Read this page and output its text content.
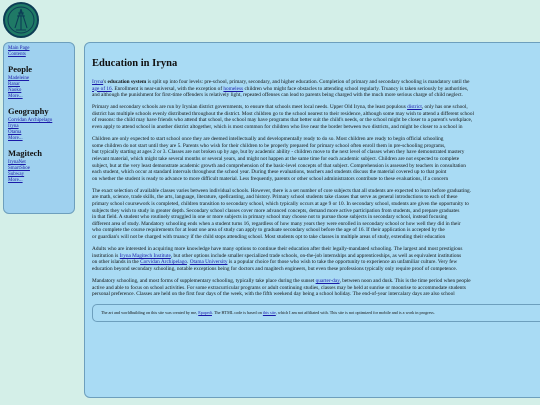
Main Page
Contents
People
Madeleine
Ranar
Naoko
More...
Geography
Corvidan Archipelago
Iryna
Otama
More...
Magitech
IrynaNet
SmartShoe
Subway
More...
Education in Iryna

Iryna's education system is split up into four levels: pre-school, primary, secondary, and higher education. Completion of primary and secondary schooling is mandatory until the
age of 16. Enrollment is near-universal, with the exception of homeless children who might face obstacles to attending school regularly. Truancy is taken seriously by authorities,
and although the punishment for first-time offenders is relatively light, repeated offenses can lead to parents being charged with the much more serious charge of child neglect.

Primary and secondary schools are run by Irynian district governments, to ensure that schools meet local needs. Upper Old Iryna, the least populous district, only has one school,
district has multiple schools evenly distributed throughout the district. Most children go to the school nearest to their residence, although some may wish to attend a different school
of reasons: the child may have friends who attend that school, the school may have programs that better suit the child's needs, or the school might be closer to a parent's workplace,
even apply to attend school in another district altogether, which is most common for children who live near the border between two districts, and might be closer to a school in

Children are only expected to start school once they are deemed intellectually and developmentally ready to do so. Most children are ready to begin official schooling
some children do not start until they are 5. Parents who wish for their children to be properly prepared for primary school often enroll them in pre-schooling programs,
but typically starting at ages 2 or 3. Classes are not broken up by age, but by academic ability - children move to the next level of classes when they have demonstrated mastery
relevant material, which might take several months or several years, and might not happen at the same time for each academic subject. Children are not expected to complete
subject, but at the very least demonstrate academic growth and comprehension of the basic-level concepts of that subject. Comprehension is assessed by teachers in consultation
each student, which occur at standard intervals throughout the school year. During these evaluations, teachers and students discuss the material covered up to that point
on whether the student is ready to advance to more difficult material. Less frequently, parents or other school administrators contribute to these evaluations, if a concern

The exact selection of available classes varies between individual schools. However, there is a set number of core subjects that all students are expected to learn before graduating.
are math, science, trade skills, the arts, language, literature, spellcasting, and history. Primary school students take classes that serve as general introductions to each of these
primary school coursework is completed, children transition to secondary school, which typically occurs at age 9 or 10. In secondary school, students are given the opportunity to
subjects they wish to study in greater depth. Secondary school classes cover more advanced concepts, demand more active participation from students, and prepare graduates
in that field. A student who routinely struggled in one or more subjects in primary school may choose not to pursue those subjects in secondary school, instead focusing
different area of study. Mandatory schooling ends when a student turns 16, regardless of how many years they were enrolled in secondary school or how well they did in their
who complete the course requirements for at least one area of study can apply to graduate secondary school before the age of 16. If their application is accepted by the
or guardian's will not be charged with truancy if the child stops attending school. Most students opt to take classes in multiple areas of study, extending their education

Adults who are interested in acquiring more knowledge have many options to continue their education after their legally-mandated schooling. The largest and most prestigious
institution is Iryna Magitech Institute, but other options include smaller specialized trade schools, on-the-job internships and apprenticeships, as well as equivalent institutions
on other islands in the Corvidan Archipelago. Otama University is a popular choice for those who wish to take the opportunity to experience an unfamiliar culture. Very few
education beyond secondary schooling, notable exceptions being for doctors and magitech engineers, but even these professions typically only require proof of competence.

Mandatory schooling, and most forms of supplementary schooling, typically take place during the sunset quarter-day, between noon and dusk. This is the time period when people
active and able to focus on school activities. For some extracurricular programs or adult continuing studies, classes may be held at sunrise or moonrise to accommodate students
personal preference. Classes are held on the first four days of the week, with the fifth weekend day being a school holiday. The end-of-year intercalary days are also school

The art and worldbuilding on this site was created by me, Epapedi. The HTML code is based on this site, which I am not affiliated with. This site is not optimized for mobile and is a work in progress.
